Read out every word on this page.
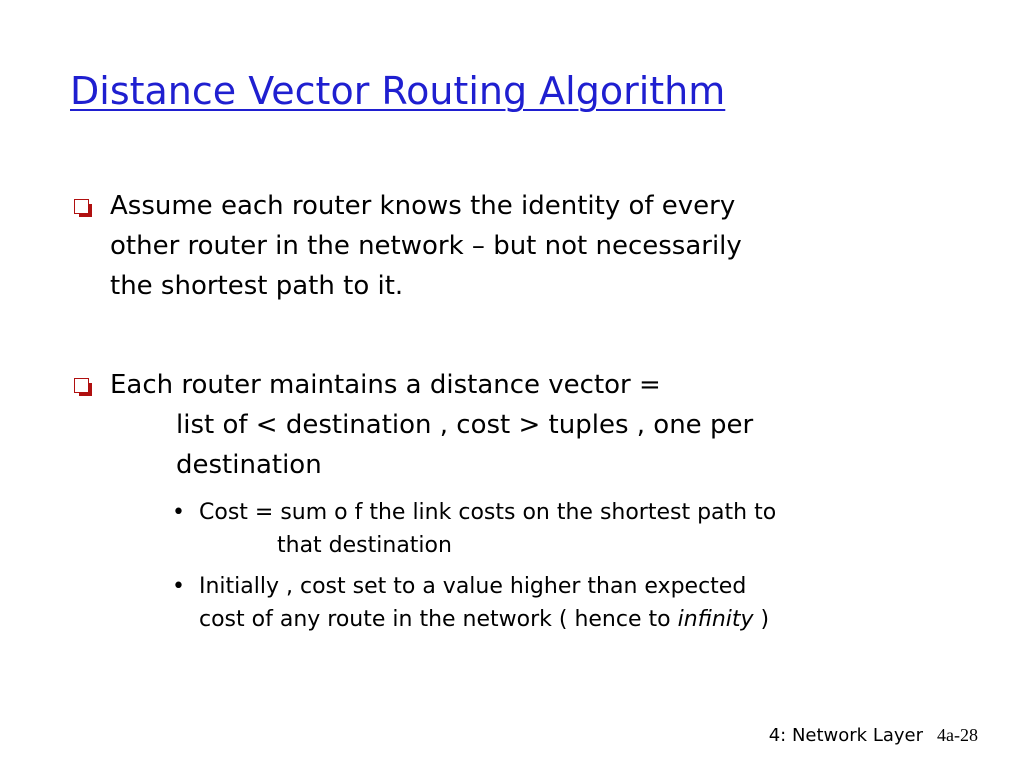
Distance Vector Routing Algorithm
Assume each router knows the identity of every
other router in the network – but not necessarily
the shortest path to it.
Each router maintains a distance vector =
list of < destination , cost > tuples , one per
destination
• Cost = sum o f the link costs on the shortest path to
that destination
• Initially , cost set to a value higher than expected
cost of any route in the network ( hence to infinity )
4: Network Layer 4a-28
